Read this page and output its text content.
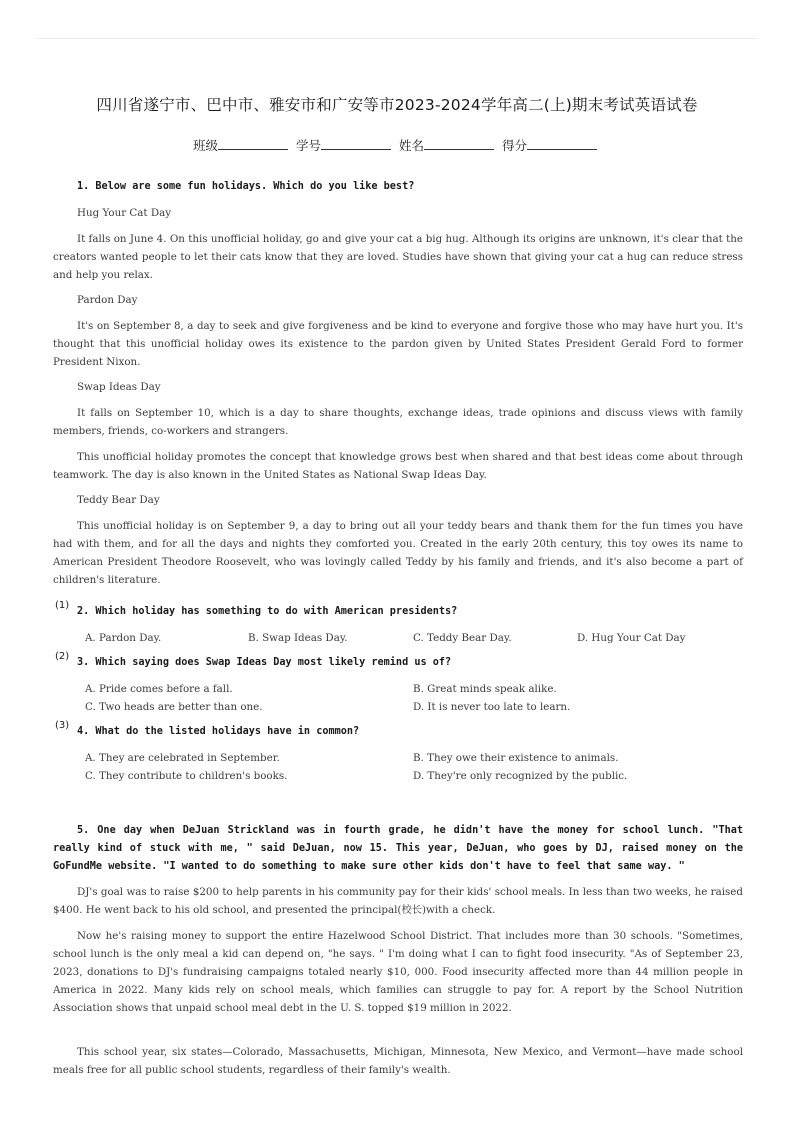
四川省遂宁市、巴中市、雅安市和广安等市2023-2024学年高二(上)期末考试英语试卷
班级	学号	姓名	得分
1. Below are some fun holidays. Which do you like best?
Hug Your Cat Day
It falls on June 4. On this unofficial holiday, go and give your cat a big hug. Although its origins are unknown, it's clear that the creators wanted people to let their cats know that they are loved. Studies have shown that giving your cat a hug can reduce stress and help you relax.
Pardon Day
It's on September 8, a day to seek and give forgiveness and be kind to everyone and forgive those who may have hurt you. It's thought that this unofficial holiday owes its existence to the pardon given by United States President Gerald Ford to former President Nixon.
Swap Ideas Day
It falls on September 10, which is a day to share thoughts, exchange ideas, trade opinions and discuss views with family members, friends, co-workers and strangers.
This unofficial holiday promotes the concept that knowledge grows best when shared and that best ideas come about through teamwork. The day is also known in the United States as National Swap Ideas Day.
Teddy Bear Day
This unofficial holiday is on September 9, a day to bring out all your teddy bears and thank them for the fun times you have had with them, and for all the days and nights they comforted you. Created in the early 20th century, this toy owes its name to American President Theodore Roosevelt, who was lovingly called Teddy by his family and friends, and it's also become a part of children's literature.
(1)
2. Which holiday has something to do with American presidents?
A. Pardon Day.	B. Swap Ideas Day.	C. Teddy Bear Day.	D. Hug Your Cat Day
(2)
3. Which saying does Swap Ideas Day most likely remind us of?
A. Pride comes before a fall.	B. Great minds speak alike.
C. Two heads are better than one.	D. It is never too late to learn.
(3)
4. What do the listed holidays have in common?
A. They are celebrated in September.	B. They owe their existence to animals.
C. They contribute to children's books.	D. They're only recognized by the public.
5. One day when DeJuan Strickland was in fourth grade, he didn't have the money for school lunch. "That really kind of stuck with me, " said DeJuan, now 15. This year, DeJuan, who goes by DJ, raised money on the GoFundMe website. "I wanted to do something to make sure other kids don't have to feel that same way. "
DJ's goal was to raise $200 to help parents in his community pay for their kids' school meals. In less than two weeks, he raised $400. He went back to his old school, and presented the principal(校长)with a check.
Now he's raising money to support the entire Hazelwood School District. That includes more than 30 schools. "Sometimes, school lunch is the only meal a kid can depend on, "he says. " I'm doing what I can to fight food insecurity. "As of September 23, 2023, donations to DJ's fundraising campaigns totaled nearly $10, 000. Food insecurity affected more than 44 million people in America in 2022. Many kids rely on school meals, which families can struggle to pay for. A report by the School Nutrition Association shows that unpaid school meal debt in the U. S. topped $19 million in 2022.
This school year, six states—Colorado, Massachusetts, Michigan, Minnesota, New Mexico, and Vermont—have made school meals free for all public school students, regardless of their family's wealth.
